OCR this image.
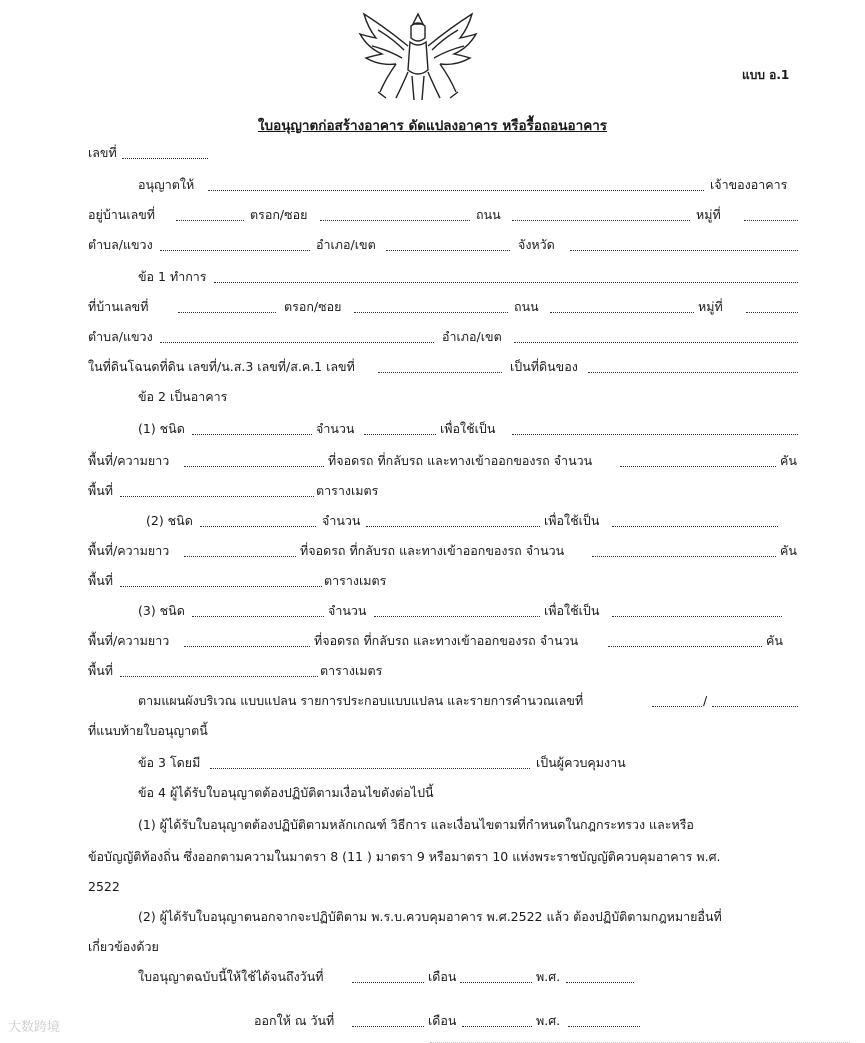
แบบ อ.1
ใบอนุญาตก่อสร้างอาคาร ดัดแปลงอาคาร หรือรื้อถอนอาคาร
เลขที่
อนุญาตให้	เจ้าของอาคาร
อยู่บ้านเลขที่	ตรอก/ซอย	ถนน	หมู่ที่
ตำบล/แขวง	อำเภอ/เขต	จังหวัด
ข้อ 1 ทำการ
ที่บ้านเลขที่	ตรอก/ซอย	ถนน	หมู่ที่
ตำบล/แขวง	อำเภอ/เขต
ในที่ดินโฉนดที่ดิน เลขที่/น.ส.3 เลขที่/ส.ค.1 เลขที่	เป็นที่ดินของ
ข้อ 2 เป็นอาคาร
(1) ชนิด	จำนวน	เพื่อใช้เป็น
พื้นที่/ความยาว	ที่จอดรถ ที่กลับรถ และทางเข้าออกของรถ จำนวน	คัน
พื้นที่	ตารางเมตร
(2) ชนิด	จำนวน	เพื่อใช้เป็น
พื้นที่/ความยาว	ที่จอดรถ ที่กลับรถ และทางเข้าออกของรถ จำนวน	คัน
พื้นที่	ตารางเมตร
(3) ชนิด	จำนวน	เพื่อใช้เป็น
พื้นที่/ความยาว	ที่จอดรถ ที่กลับรถ และทางเข้าออกของรถ จำนวน	คัน
พื้นที่	ตารางเมตร
ตามแผนผังบริเวณ แบบแปลน รายการประกอบแบบแปลน และรายการคำนวณเลขที่	/
ที่แนบท้ายใบอนุญาตนี้
ข้อ 3 โดยมี	เป็นผู้ควบคุมงาน
ข้อ 4 ผู้ได้รับใบอนุญาตต้องปฏิบัติตามเงื่อนไขดังต่อไปนี้
(1) ผู้ได้รับใบอนุญาตต้องปฏิบัติตามหลักเกณฑ์ วิธีการ และเงื่อนไขตามที่กำหนดในกฎกระทรวง และหรือ
ข้อบัญญัติท้องถิ่น ซึ่งออกตามความในมาตรา 8 (11 ) มาตรา 9 หรือมาตรา 10 แห่งพระราชบัญญัติควบคุมอาคาร พ.ศ.
2522
(2) ผู้ได้รับใบอนุญาตนอกจากจะปฏิบัติตาม พ.ร.บ.ควบคุมอาคาร พ.ศ.2522 แล้ว ต้องปฏิบัติตามกฎหมายอื่นที่
เกี่ยวข้องด้วย
ใบอนุญาตฉบับนี้ให้ใช้ได้จนถึงวันที่	เดือน	พ.ศ.
ออกให้ ณ วันที่	เดือน	พ.ศ.
大数跨境
